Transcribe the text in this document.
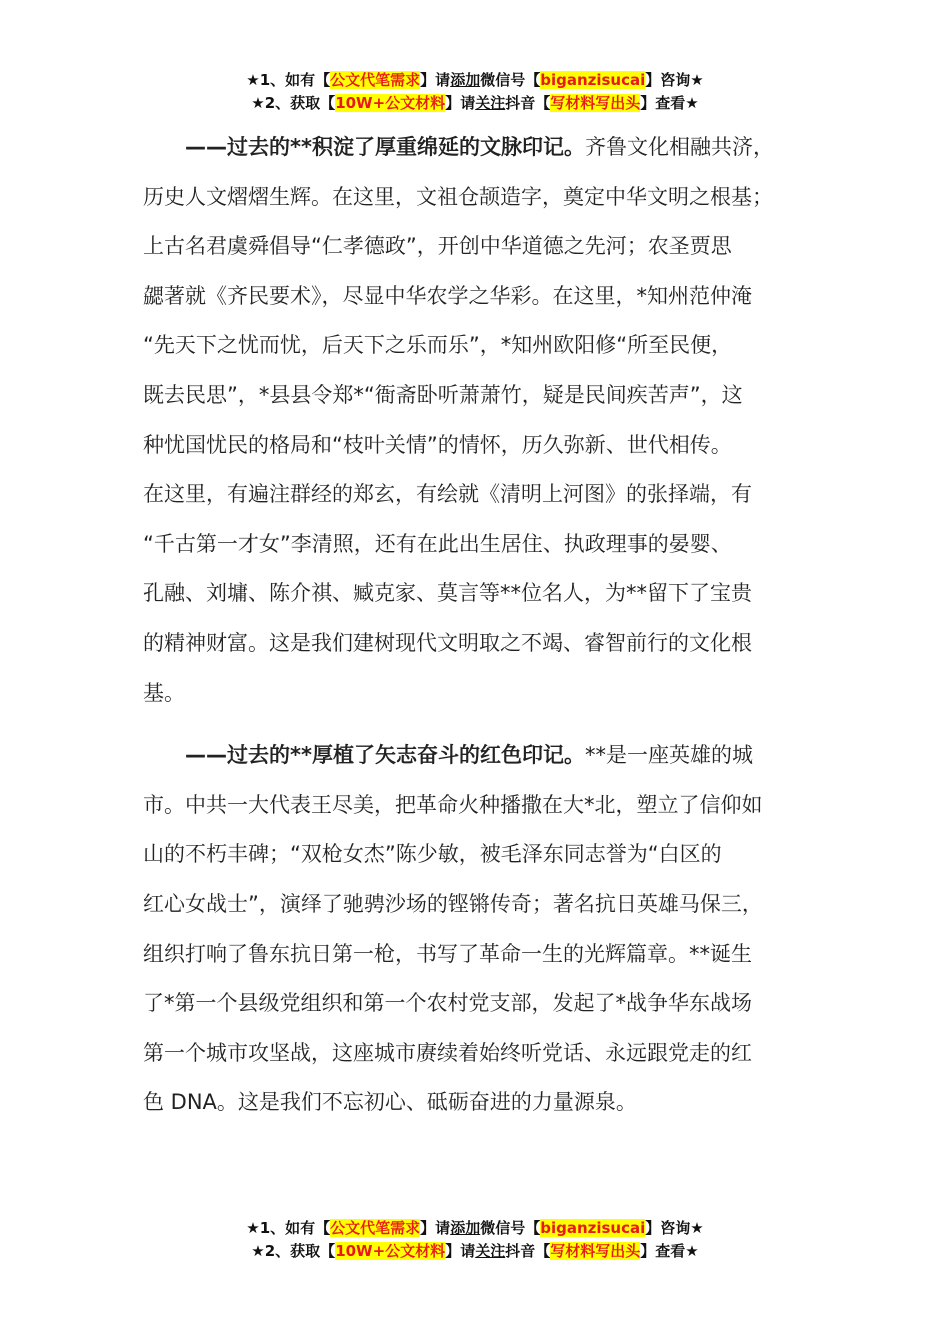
★1、如有【公文代笔需求】请添加微信号【biganzisucai】咨询★
★2、获取【10W+公文材料】请关注抖音【写材料写出头】查看★

——过去的**积淀了厚重绵延的文脉印记。齐鲁文化相融共济，
历史人文熠熠生辉。在这里，文祖仓颉造字，奠定中华文明之根基；
上古名君虞舜倡导“仁孝德政”，开创中华道德之先河；农圣贾思
勰著就《齐民要术》，尽显中华农学之华彩。在这里，*知州范仲淹
“先天下之忧而忧，后天下之乐而乐”，*知州欧阳修“所至民便，
既去民思”，*县县令郑*“衙斋卧听萧萧竹，疑是民间疾苦声”，这
种忧国忧民的格局和“枝叶关情”的情怀，历久弥新、世代相传。
在这里，有遍注群经的郑玄，有绘就《清明上河图》的张择端，有
“千古第一才女”李清照，还有在此出生居住、执政理事的晏婴、
孔融、刘墉、陈介祺、臧克家、莫言等**位名人，为**留下了宝贵
的精神财富。这是我们建树现代文明取之不竭、睿智前行的文化根
基。

——过去的**厚植了矢志奋斗的红色印记。**是一座英雄的城
市。中共一大代表王尽美，把革命火种播撒在大*北，塑立了信仰如
山的不朽丰碑；“双枪女杰”陈少敏，被毛泽东同志誉为“白区的
红心女战士”，演绎了驰骋沙场的铿锵传奇；著名抗日英雄马保三，
组织打响了鲁东抗日第一枪，书写了革命一生的光辉篇章。**诞生
了*第一个县级党组织和第一个农村党支部，发起了*战争华东战场
第一个城市攻坚战，这座城市赓续着始终听党话、永远跟党走的红
色 DNA。这是我们不忘初心、砥砺奋进的力量源泉。

★1、如有【公文代笔需求】请添加微信号【biganzisucai】咨询★
★2、获取【10W+公文材料】请关注抖音【写材料写出头】查看★
